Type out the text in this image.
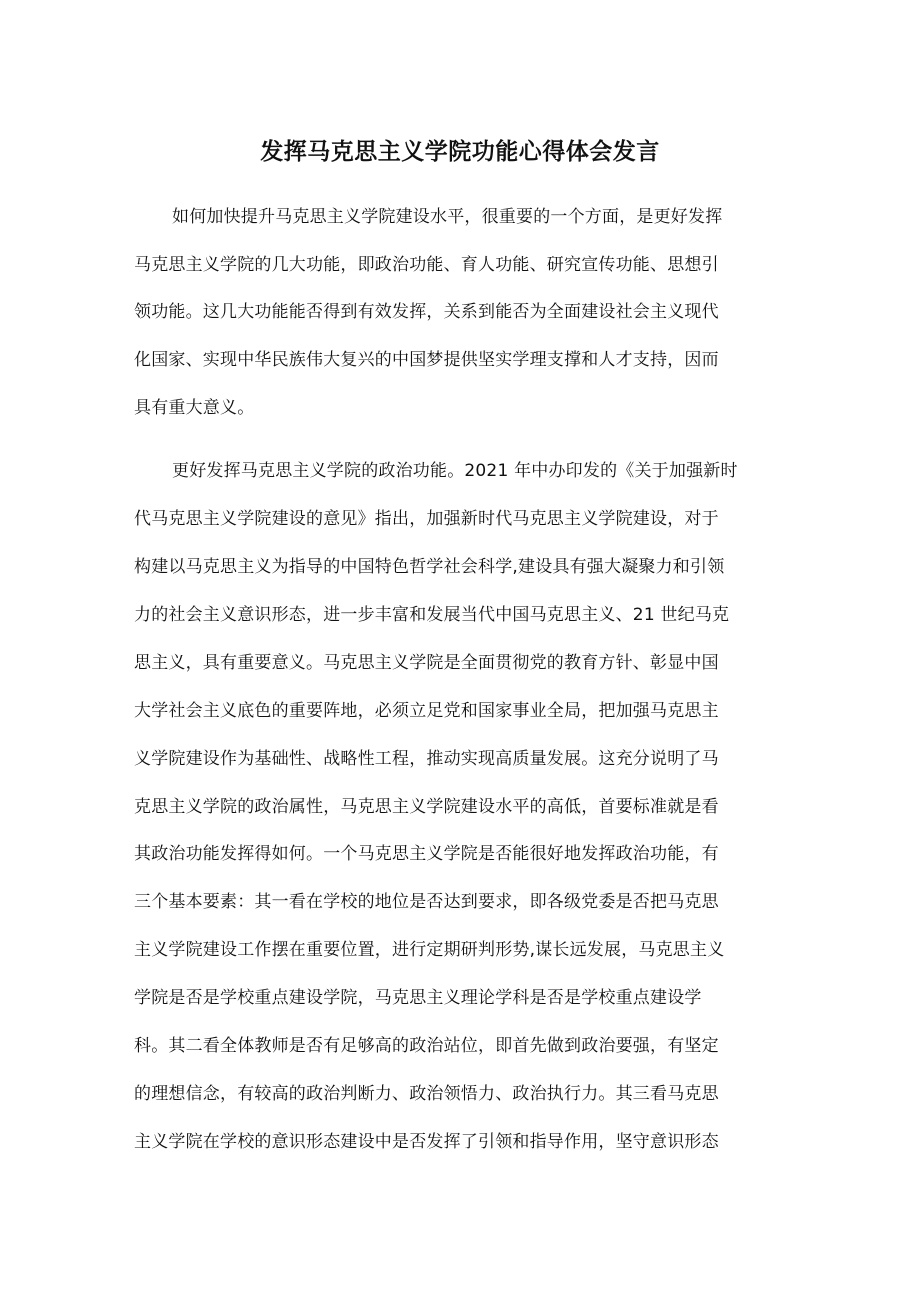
发挥马克思主义学院功能心得体会发言
如何加快提升马克思主义学院建设水平，很重要的一个方面，是更好发挥
马克思主义学院的几大功能，即政治功能、育人功能、研究宣传功能、思想引
领功能。这几大功能能否得到有效发挥，关系到能否为全面建设社会主义现代
化国家、实现中华民族伟大复兴的中国梦提供坚实学理支撑和人才支持，因而
具有重大意义。
更好发挥马克思主义学院的政治功能。2021 年中办印发的《关于加强新时
代马克思主义学院建设的意见》指出，加强新时代马克思主义学院建设，对于
构建以马克思主义为指导的中国特色哲学社会科学,建设具有强大凝聚力和引领
力的社会主义意识形态，进一步丰富和发展当代中国马克思主义、21 世纪马克
思主义，具有重要意义。马克思主义学院是全面贯彻党的教育方针、彰显中国
大学社会主义底色的重要阵地，必须立足党和国家事业全局，把加强马克思主
义学院建设作为基础性、战略性工程，推动实现高质量发展。这充分说明了马
克思主义学院的政治属性，马克思主义学院建设水平的高低，首要标准就是看
其政治功能发挥得如何。一个马克思主义学院是否能很好地发挥政治功能，有
三个基本要素：其一看在学校的地位是否达到要求，即各级党委是否把马克思
主义学院建设工作摆在重要位置，进行定期研判形势,谋长远发展，马克思主义
学院是否是学校重点建设学院，马克思主义理论学科是否是学校重点建设学
科。其二看全体教师是否有足够高的政治站位，即首先做到政治要强，有坚定
的理想信念，有较高的政治判断力、政治领悟力、政治执行力。其三看马克思
主义学院在学校的意识形态建设中是否发挥了引领和指导作用，坚守意识形态
